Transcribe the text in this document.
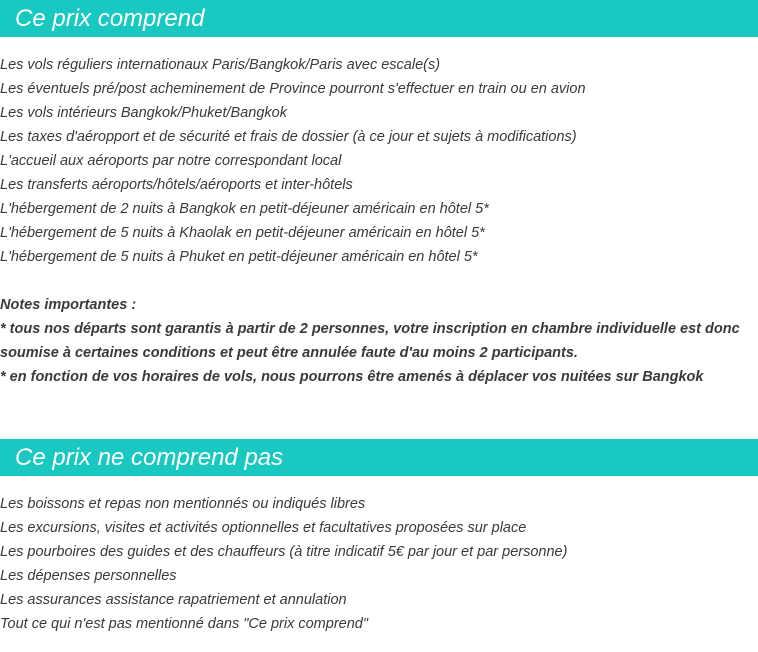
Ce prix comprend
Les vols réguliers internationaux Paris/Bangkok/Paris avec escale(s)
Les éventuels pré/post acheminement de Province pourront s'effectuer en train ou en avion
Les vols intérieurs Bangkok/Phuket/Bangkok
Les taxes d'aéropport et de sécurité et frais de dossier (à ce jour et sujets à modifications)
L'accueil aux aéroports par notre correspondant local
Les transferts aéroports/hôtels/aéroports et inter-hôtels
L'hébergement de 2 nuits à Bangkok en petit-déjeuner américain en hôtel 5*
L'hébergement de 5 nuits à Khaolak en petit-déjeuner américain en hôtel 5*
L'hébergement de 5 nuits à Phuket en petit-déjeuner américain en hôtel 5*

Notes importantes :

* tous nos départs sont garantis à partir de 2 personnes, votre inscription en chambre individuelle est donc soumise à certaines conditions et peut être annulée faute d'au moins 2 participants.

* en fonction de vos horaires de vols, nous pourrons être amenés à déplacer vos nuitées sur Bangkok

Ce prix ne comprend pas
Les boissons et repas non mentionnés ou indiqués libres
Les excursions, visites et activités optionnelles et facultatives proposées sur place
Les pourboires des guides et des chauffeurs (à titre indicatif 5€ par jour et par personne)
Les dépenses personnelles
Les assurances assistance rapatriement et annulation
Tout ce qui n'est pas mentionné dans "Ce prix comprend"
